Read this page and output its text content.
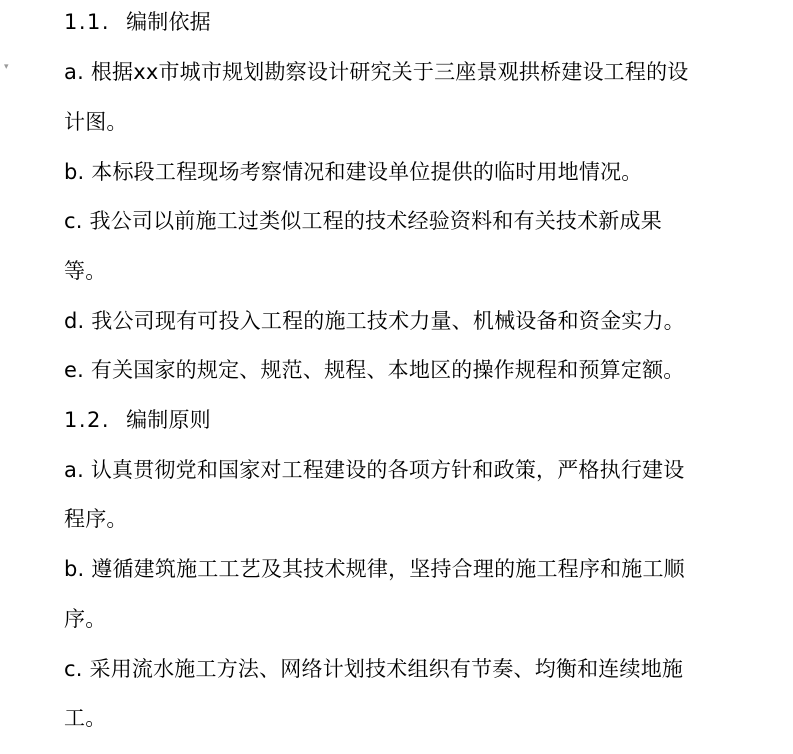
▾
1.1. 编制依据
a. 根据xx市城市规划勘察设计研究关于三座景观拱桥建设工程的设
计图。
b. 本标段工程现场考察情况和建设单位提供的临时用地情况。
c. 我公司以前施工过类似工程的技术经验资料和有关技术新成果
等。
d. 我公司现有可投入工程的施工技术力量、机械设备和资金实力。
e. 有关国家的规定、规范、规程、本地区的操作规程和预算定额。
1.2. 编制原则
a. 认真贯彻党和国家对工程建设的各项方针和政策，严格执行建设
程序。
b. 遵循建筑施工工艺及其技术规律，坚持合理的施工程序和施工顺
序。
c. 采用流水施工方法、网络计划技术组织有节奏、均衡和连续地施
工。
